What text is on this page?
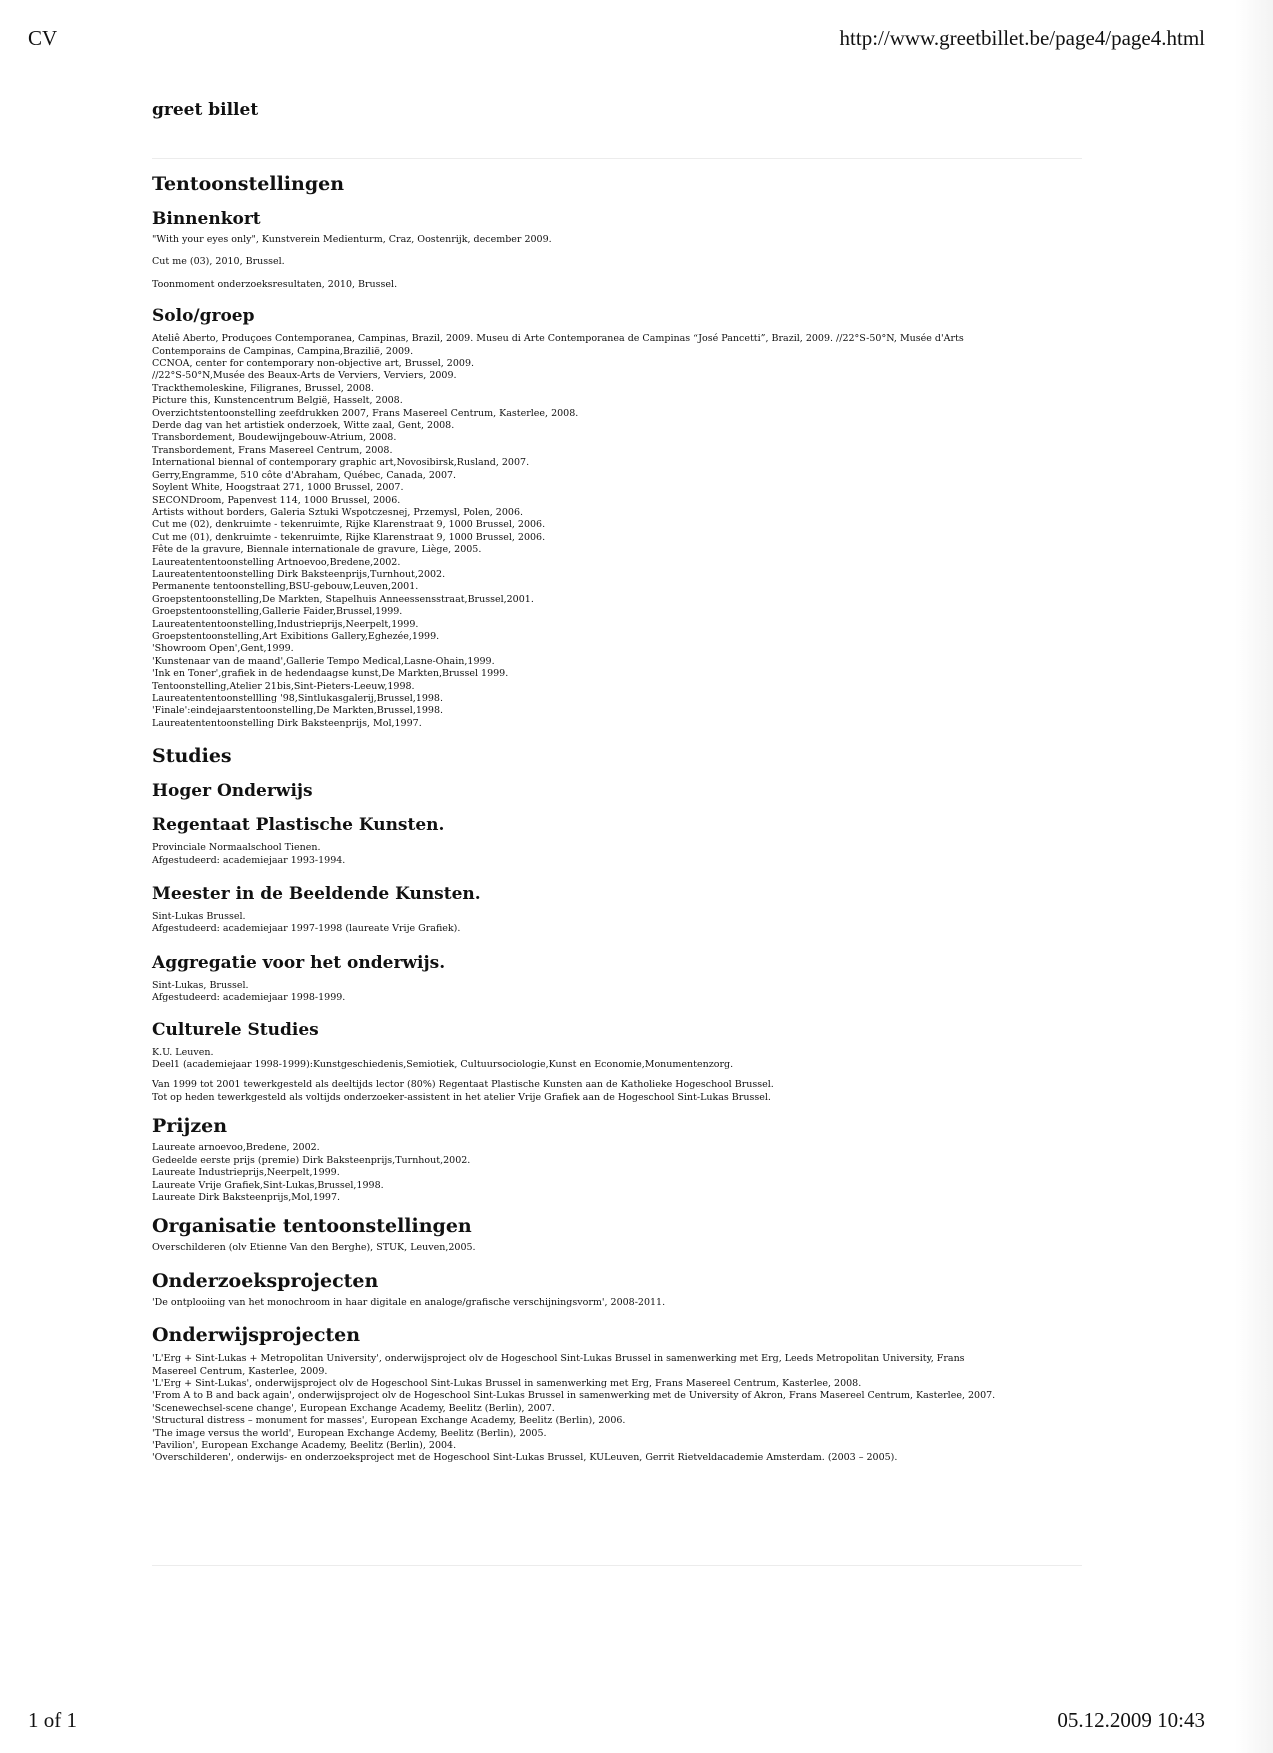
CV	http://www.greetbillet.be/page4/page4.html
greet billet
Tentoonstellingen
Binnenkort

"With your eyes only", Kunstverein Medienturm, Craz, Oostenrijk, december 2009.

Cut me (03), 2010, Brussel.

Toonmoment onderzoeksresultaten, 2010, Brussel.

Solo/groep
Ateliê Aberto, Produçoes Contemporanea, Campinas, Brazil, 2009. Museu di Arte Contemporanea de Campinas “José Pancetti”, Brazil, 2009. //22°S-50°N, Musée d'Arts Contemporains de Campinas, Campina,Brazilië, 2009.
CCNOA, center for contemporary non-objective art, Brussel, 2009.
//22°S-50°N,Musée des Beaux-Arts de Verviers, Verviers, 2009.
Trackthemoleskine, Filigranes, Brussel, 2008.
Picture this, Kunstencentrum België, Hasselt, 2008.
Overzichtstentoonstelling zeefdrukken 2007, Frans Masereel Centrum, Kasterlee, 2008.
Derde dag van het artistiek onderzoek, Witte zaal, Gent, 2008.
Transbordement, Boudewijngebouw-Atrium, 2008.
Transbordement, Frans Masereel Centrum, 2008.
International biennal of contemporary graphic art,Novosibirsk,Rusland, 2007.
Gerry,Engramme, 510 côte d'Abraham, Québec, Canada, 2007.
Soylent White, Hoogstraat 271, 1000 Brussel, 2007.
SECONDroom, Papenvest 114, 1000 Brussel, 2006.
Artists without borders, Galeria Sztuki Wspotczesnej, Przemysl, Polen, 2006.
Cut me (02), denkruimte - tekenruimte, Rijke Klarenstraat 9, 1000 Brussel, 2006.
Cut me (01), denkruimte - tekenruimte, Rijke Klarenstraat 9, 1000 Brussel, 2006.
Fête de la gravure, Biennale internationale de gravure, Liège, 2005.
Laureatententoonstelling Artnoevoo,Bredene,2002.
Laureatententoonstelling Dirk Baksteenprijs,Turnhout,2002.
Permanente tentoonstelling,BSU-gebouw,Leuven,2001.
Groepstentoonstelling,De Markten, Stapelhuis Anneessensstraat,Brussel,2001.
Groepstentoonstelling,Gallerie Faider,Brussel,1999.
Laureatententoonstelling,Industrieprijs,Neerpelt,1999.
Groepstentoonstelling,Art Exibitions Gallery,Eghezée,1999.
'Showroom Open',Gent,1999.
'Kunstenaar van de maand',Gallerie Tempo Medical,Lasne-Ohain,1999.
'Ink en Toner',grafiek in de hedendaagse kunst,De Markten,Brussel 1999.
Tentoonstelling,Atelier 21bis,Sint-Pieters-Leeuw,1998.
Laureatententoonstellling '98,Sintlukasgalerij,Brussel,1998.
'Finale':eindejaarstentoonstelling,De Markten,Brussel,1998.
Laureatententoonstelling Dirk Baksteenprijs, Mol,1997.
Studies
Hoger Onderwijs
Regentaat Plastische Kunsten.
Provinciale Normaalschool Tienen.
Afgestudeerd: academiejaar 1993-1994.
Meester in de Beeldende Kunsten.
Sint-Lukas Brussel.
Afgestudeerd: academiejaar 1997-1998 (laureate Vrije Grafiek).
Aggregatie voor het onderwijs.
Sint-Lukas, Brussel.
Afgestudeerd: academiejaar 1998-1999.
Culturele Studies
K.U. Leuven.
Deel1 (academiejaar 1998-1999):Kunstgeschiedenis,Semiotiek, Cultuursociologie,Kunst en Economie,Monumentenzorg.
Van 1999 tot 2001 tewerkgesteld als deeltijds lector (80%) Regentaat Plastische Kunsten aan de Katholieke Hogeschool Brussel.
Tot op heden tewerkgesteld als voltijds onderzoeker-assistent in het atelier Vrije Grafiek aan de Hogeschool Sint-Lukas Brussel.
Prijzen
Laureate arnoevoo,Bredene, 2002.
Gedeelde eerste prijs (premie) Dirk Baksteenprijs,Turnhout,2002.
Laureate Industrieprijs,Neerpelt,1999.
Laureate Vrije Grafiek,Sint-Lukas,Brussel,1998.
Laureate Dirk Baksteenprijs,Mol,1997.
Organisatie tentoonstellingen
Overschilderen (olv Etienne Van den Berghe), STUK, Leuven,2005.
Onderzoeksprojecten
'De ontplooiing van het monochroom in haar digitale en analoge/grafische verschijningsvorm', 2008-2011.
Onderwijsprojecten
'L'Erg + Sint-Lukas + Metropolitan University', onderwijsproject olv de Hogeschool Sint-Lukas Brussel in samenwerking met Erg, Leeds Metropolitan University, Frans Masereel Centrum, Kasterlee, 2009.
'L'Erg + Sint-Lukas', onderwijsproject olv de Hogeschool Sint-Lukas Brussel in samenwerking met Erg, Frans Masereel Centrum, Kasterlee, 2008.
'From A to B and back again', onderwijsproject olv de Hogeschool Sint-Lukas Brussel in samenwerking met de University of Akron, Frans Masereel Centrum, Kasterlee, 2007.
'Scenewechsel-scene change', European Exchange Academy, Beelitz (Berlin), 2007.
'Structural distress – monument for masses', European Exchange Academy, Beelitz (Berlin), 2006.
'The image versus the world', European Exchange Acdemy, Beelitz (Berlin), 2005.
'Pavilion', European Exchange Academy, Beelitz (Berlin), 2004.
'Overschilderen', onderwijs- en onderzoeksproject met de Hogeschool Sint-Lukas Brussel, KULeuven, Gerrit Rietveldacademie Amsterdam. (2003 – 2005).
1 of 1	05.12.2009 10:43
